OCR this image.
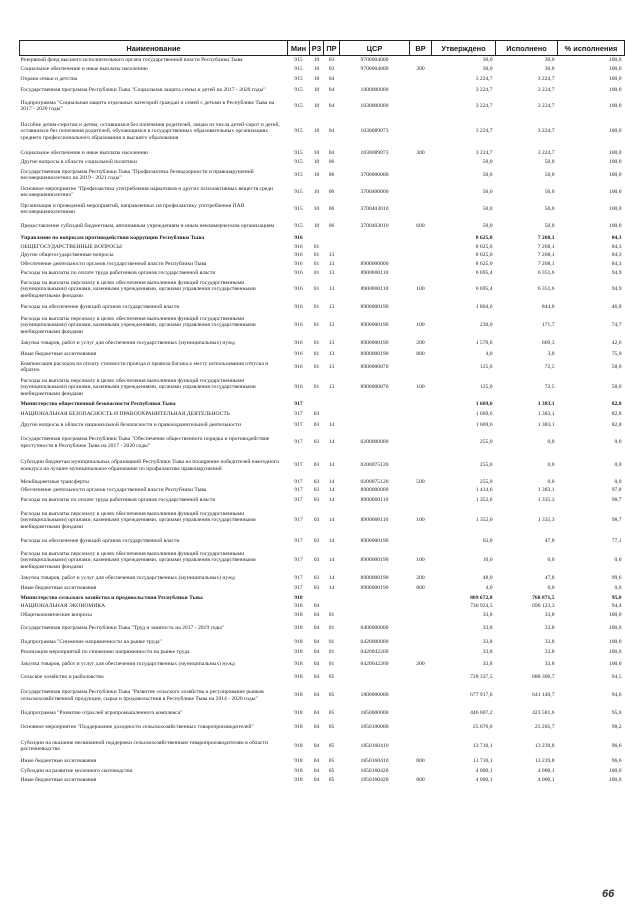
Наименование	Мин	РЗ	ПР	ЦСР	ВР	Утверждено	Исполнено	% исполнения
Резервный фонд высшего исполнительного органа государственной власти Республики Тыва	915	10	03	9700004000		30,0	30,0	100,0
Социальное обеспечение и иные выплаты населению	915	10	03	9700004000	300	30,0	30,0	100,0
Охрана семьи и детства	915	10	04			3 224,7	3 224,7	100,0
Государственная программа Республики Тыва "Социальная защита семьи и детей на 2017 - 2020 годы"	915	10	04	1000000000		3 224,7	3 224,7	100,0
Подпрограмма "Социальная защита отдельных категорий граждан и семей с детьми в Республике Тыва на 2017 - 2020 годы"	915	10	04	1030000000		3 224,7	3 224,7	100,0
Пособие детям-сиротам и детям, оставшимся без попечения родителей, лицам из числа детей-сирот и детей, оставшихся без попечения родителей, обучающимся в государственных образовательных организациях среднего профессионального образования и высшего образования	915	10	04	1030089073		3 224,7	3 224,7	100,0
Социальное обеспечение и иные выплаты населению	915	10	04	1030089073	300	3 224,7	3 224,7	100,0
Другие вопросы в области социальной политики	915	10	06			50,0	50,0	100,0
Государственная программа Республики Тыва "Профилактика безнадзорности и правонарушений несовершеннолетних на 2019 - 2021 годы"	915	10	06	3700000000		50,0	50,0	100,0
Основное мероприятие "Профилактика употребления наркотиков и других психоактивных веществ среди несовершеннолетних"	915	10	06	3700400000		50,0	50,0	100,0
Организация и проведений мероприятий, направленных на профилактику употребления ПАВ несовершеннолетними	915	10	06	3700403010		50,0	50,0	100,0
Предоставление субсидий бюджетным, автономным учреждениям и иным некоммерческим организациям	915	10	06	3700403010	600	50,0	50,0	100,0
Управление по вопросам противодействия коррупции Республики Тыва	916					8 625,0	7 268,1	84,3
ОБЩЕГОСУДАРСТВЕННЫЕ ВОПРОСЫ	916	01				8 625,0	7 268,1	84,3
Другие общегосударственные вопросы	916	01	13			8 625,0	7 268,1	84,3
Обеспечение деятельности органов государственной власти Республики Тыва	916	01	13	8900000000		8 625,0	7 268,1	84,3
Расходы на выплаты по оплате труда работников органов государственной власти	916	01	13	8900000110		6 695,4	6 351,6	94,9
Расходы на выплаты персоналу в целях обеспечения выполнения функций государственными (муниципальными) органами, казенными учреждениями, органами управления государственными внебюджетными фондами	916	01	13	8900000110	100	6 695,4	6 351,6	94,9
Расходы на обеспечение функций органов государственной власти	916	01	13	8900000190		1 804,6	844,0	46,8
Расходы на выплаты персоналу в целях обеспечения выполнения функций государственными (муниципальными) органами, казенными учреждениями, органами управления государственными внебюджетными фондами	916	01	13	8900000190	100	230,0	171,7	74,7
Закупка товаров, работ и услуг для обеспечения государственных (муниципальных) нужд	916	01	13	8900000190	200	1 570,6	669,3	42,6
Иные бюджетные ассигнования	916	01	13	8900000190	800	4,0	3,0	75,0
Компенсация расходов на оплату стоимости проезда и провоза багажа к месту использования отпуска и обратно	916	01	13	8900000870		125,0	72,5	58,0
Расходы на выплаты персоналу в целях обеспечения выполнения функций государственными (муниципальными) органами, казенными учреждениями, органами управления государственными внебюджетными фондами	916	01	13	8900000870	100	125,0	72,5	58,0
Министерство общественной безопасности Республики Тыва	917					1 669,6	1 383,1	82,8
НАЦИОНАЛЬНАЯ БЕЗОПАСНОСТЬ И ПРАВООХРАНИТЕЛЬНАЯ ДЕЯТЕЛЬНОСТЬ	917	03				1 669,6	1 383,1	82,8
Другие вопросы в области национальной безопасности и правоохранительной деятельности	917	03	14			1 669,6	1 383,1	82,8
Государственная программа Республики Тыва "Обеспечение общественного порядка и противодействие преступности в Республике Тыва на 2017 - 2020 годы"	917	03	14	0200000000		255,0	0,0	0,0
Субсидии бюджетам муниципальных образований Республики Тыва на поощрение победителей ежегодного конкурса на лучшее муниципальное образование по профилактике правонарушений	917	03	14	0200075120		255,0	0,0	0,0
Межбюджетные трансферты	917	03	14	0200075120	500	255,0	0,0	0,0
Обеспечение деятельности органов государственной власти Республики Тыва	917	03	14	8900000000		1 414,6	1 383,1	97,8
Расходы на выплаты по оплате труда работников органов государственной власти	917	03	14	8900000110		1 352,6	1 335,3	98,7
Расходы на выплаты персоналу в целях обеспечения выполнения функций государственными (муниципальными) органами, казенными учреждениями, органами управления государственными внебюджетными фондами	917	03	14	8900000110	100	1 352,6	1 335,3	98,7
Расходы на обеспечение функций органов государственной власти	917	03	14	8900000190		62,0	47,8	77,1
Расходы на выплаты персоналу в целях обеспечения выполнения функций государственными (муниципальными) органами, казенными учреждениями, органами управления государственными внебюджетными фондами	917	03	14	8900000190	100	10,0	0,0	0,0
Закупка товаров, работ и услуг для обеспечения государственных (муниципальных) нужд	917	03	14	8900000190	200	48,0	47,8	99,6
Иные бюджетные ассигнования	917	03	14	8900000190	800	4,0	0,0	0,0
Министерство сельского хозяйства и продовольствия Республики Тыва	918					809 672,8	768 871,5	95,0
НАЦИОНАЛЬНАЯ ЭКОНОМИКА	918	04				730 924,5	690 123,3	94,4
Общеэкономические вопросы	918	04	01			33,8	33,8	100,0
Государственная программа Республики Тыва "Труд и занятость на 2017 - 2019 годы"	918	04	01	0400000000		33,8	33,8	100,0
Подпрограмма "Снижение напряженности на рынке труда"	918	04	01	0420000000		33,8	33,8	100,0
Реализация мероприятий по снижению напряженности на рынке труда	918	04	01	0420042260		33,8	33,8	100,0
Закупка товаров, работ и услуг для обеспечения государственных (муниципальных) нужд	918	04	01	0420042260	200	33,8	33,8	100,0
Сельское хозяйство и рыболовство	918	04	05			728 337,5	688 306,7	94,5
Государственная программа Республики Тыва "Развитие сельского хозяйства и регулирование рынков сельскохозяйственной продукции, сырья и продовольствия в Республике Тыва на 2014 - 2020 годы"	918	04	05	1800000000		677 917,6	641 140,7	94,6
Подпрограмма "Развитие отраслей агропромышленного комплекса"	918	04	05	1850000000		446 007,2	423 581,6	95,0
Основное мероприятие "Поддержание доходности сельскохозяйственных товаропроизводителей"	918	04	05	1850100000		25 676,0	25 205,7	98,2
Субсидии на оказание несвязанной поддержки сельскохозяйственным товаропроизводителям в области растениеводства	918	04	05	1850160410		13 710,1	13 239,8	96,6
Иные бюджетные ассигнования	918	04	05	1850160410	800	13 710,1	13 239,8	96,6
Субсидии на развитие молочного скотоводства	918	04	05	1850160420		4 000,1	4 000,1	100,0
Иные бюджетные ассигнования	918	04	05	1850160420	800	4 000,1	4 000,1	100,0
66
